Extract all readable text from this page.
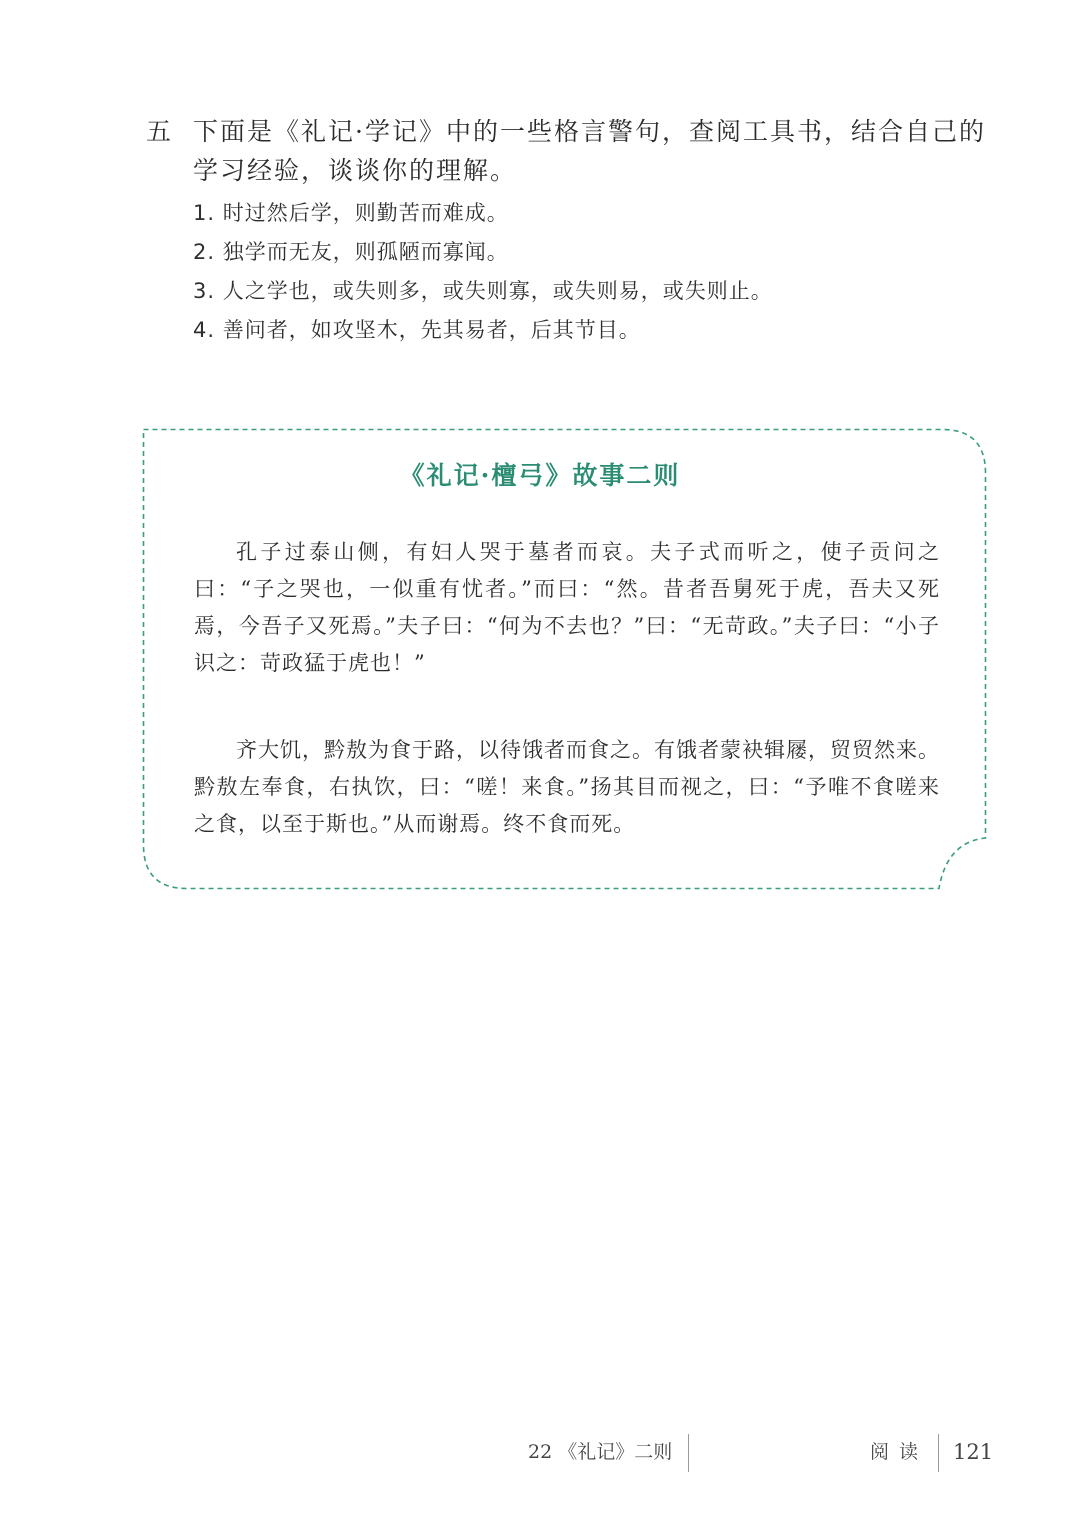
五 下面是《礼记·学记》中的一些格言警句，查阅工具书，结合自己的学习经验，谈谈你的理解。
1. 时过然后学，则勤苦而难成。
2. 独学而无友，则孤陋而寡闻。
3. 人之学也，或失则多，或失则寡，或失则易，或失则止。
4. 善问者，如攻坚木，先其易者，后其节目。
《礼记·檀弓》故事二则

孔子过泰山侧，有妇人哭于墓者而哀。夫子式而听之，使子贡问之曰：“子之哭也，一似重有忧者。”而曰：“然。昔者吾舅死于虎，吾夫又死焉，今吾子又死焉。”夫子曰：“何为不去也？”曰：“无苛政。”夫子曰：“小子识之：苛政猛于虎也！”

齐大饥，黔敖为食于路，以待饿者而食之。有饿者蒙袂辑屦，贸贸然来。黔敖左奉食，右执饮，曰：“嗟！来食。”扬其目而视之，曰：“予唯不食嗟来之食，以至于斯也。”从而谢焉。终不食而死。

22 《礼记》二则	阅读 121
